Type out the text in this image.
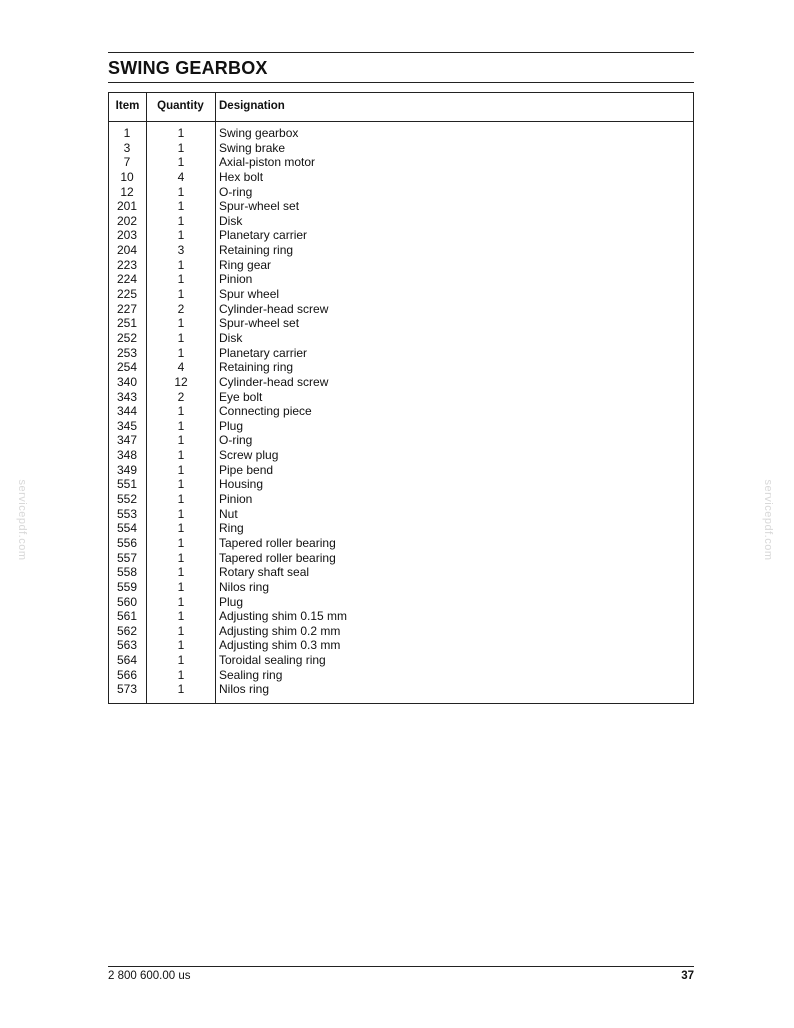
SWING GEARBOX
Item	Quantity	Designation
1	1	Swing gearbox
3	1	Swing brake
7	1	Axial-piston motor
10	4	Hex bolt
12	1	O-ring
201	1	Spur-wheel set
202	1	Disk
203	1	Planetary carrier
204	3	Retaining ring
223	1	Ring gear
224	1	Pinion
225	1	Spur wheel
227	2	Cylinder-head screw
251	1	Spur-wheel set
252	1	Disk
253	1	Planetary carrier
254	4	Retaining ring
340	12	Cylinder-head screw
343	2	Eye bolt
344	1	Connecting piece
345	1	Plug
347	1	O-ring
348	1	Screw plug
349	1	Pipe bend
551	1	Housing
552	1	Pinion
553	1	Nut
554	1	Ring
556	1	Tapered roller bearing
557	1	Tapered roller bearing
558	1	Rotary shaft seal
559	1	Nilos ring
560	1	Plug
561	1	Adjusting shim 0.15 mm
562	1	Adjusting shim 0.2 mm
563	1	Adjusting shim 0.3 mm
564	1	Toroidal sealing ring
566	1	Sealing ring
573	1	Nilos ring
servicepdf.com	servicepdf.com
2 800 600.00 us	37
